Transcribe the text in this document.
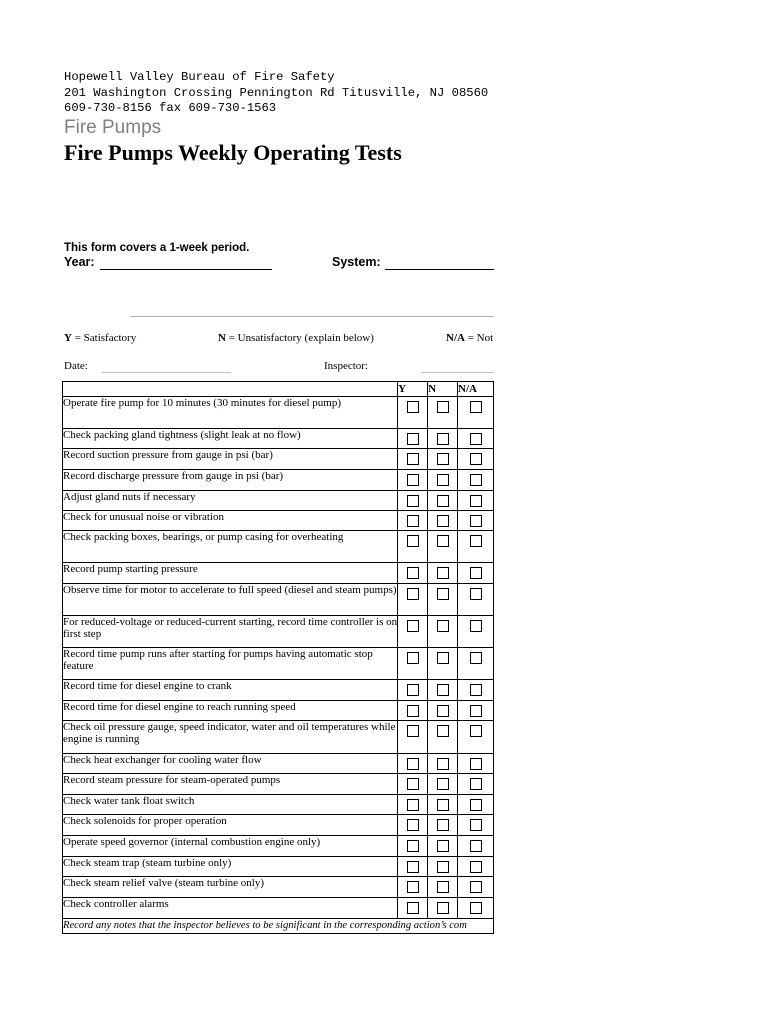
Hopewell Valley Bureau of Fire Safety
201 Washington Crossing Pennington Rd Titusville, NJ 08560
609-730-8156 fax 609-730-1563
Fire Pumps
Fire Pumps Weekly Operating Tests
This form covers a 1-week period.
Year:	System:
Y = Satisfactory	N = Unsatisfactory (explain below)	N/A = Not
Date:	Inspector:
	Y	N	N/A
Operate fire pump for 10 minutes (30 minutes for diesel pump)			
Check packing gland tightness (slight leak at no flow)			
Record suction pressure from gauge in psi (bar)			
Record discharge pressure from gauge in psi (bar)			
Adjust gland nuts if necessary			
Check for unusual noise or vibration			
Check packing boxes, bearings, or pump casing for overheating			
Record pump starting pressure			
Observe time for motor to accelerate to full speed (diesel and steam pumps)			
For reduced-voltage or reduced-current starting, record time controller is on first step			
Record time pump runs after starting for pumps having automatic stop feature			
Record time for diesel engine to crank			
Record time for diesel engine to reach running speed			
Check oil pressure gauge, speed indicator, water and oil temperatures while engine is running			
Check heat exchanger for cooling water flow			
Record steam pressure for steam-operated pumps			
Check water tank float switch			
Check solenoids for proper operation			
Operate speed governor (internal combustion engine only)			
Check steam trap (steam turbine only)			
Check steam relief valve (steam turbine only)			
Check controller alarms			
Record any notes that the inspector believes to be significant in the corresponding action’s com			
